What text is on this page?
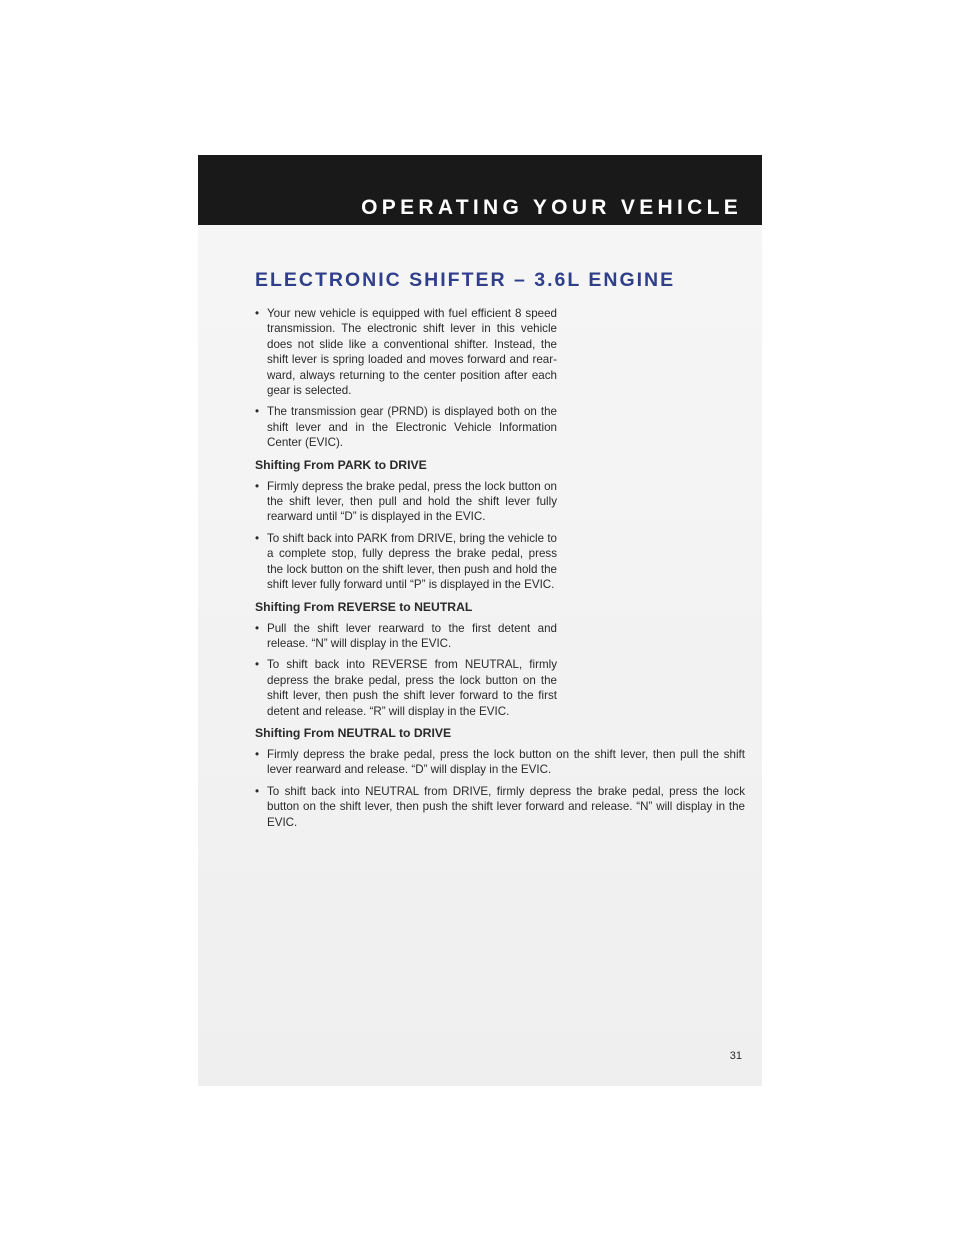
OPERATING YOUR VEHICLE
ELECTRONIC SHIFTER – 3.6L ENGINE
• Your new vehicle is equipped with fuel efficient 8 speed transmission. The electronic shift lever in this vehicle does not slide like a conventional shifter. Instead, the shift lever is spring loaded and moves forward and rearward, always returning to the center position after each gear is selected.
• The transmission gear (PRND) is displayed both on the shift lever and in the Electronic Vehicle Information Center (EVIC).
Shifting From PARK to DRIVE
• Firmly depress the brake pedal, press the lock button on the shift lever, then pull and hold the shift lever fully rearward until “D” is displayed in the EVIC.
• To shift back into PARK from DRIVE, bring the vehicle to a complete stop, fully depress the brake pedal, press the lock button on the shift lever, then push and hold the shift lever fully forward until “P” is displayed in the EVIC.
Shifting From REVERSE to NEUTRAL
• Pull the shift lever rearward to the first detent and release. “N” will display in the EVIC.
• To shift back into REVERSE from NEUTRAL, firmly depress the brake pedal, press the lock button on the shift lever, then push the shift lever forward to the first detent and release. “R” will display in the EVIC.
Shifting From NEUTRAL to DRIVE
• Firmly depress the brake pedal, press the lock button on the shift lever, then pull the shift lever rearward and release. “D” will display in the EVIC.
• To shift back into NEUTRAL from DRIVE, firmly depress the brake pedal, press the lock button on the shift lever, then push the shift lever forward and release. “N” will display in the EVIC.
31
